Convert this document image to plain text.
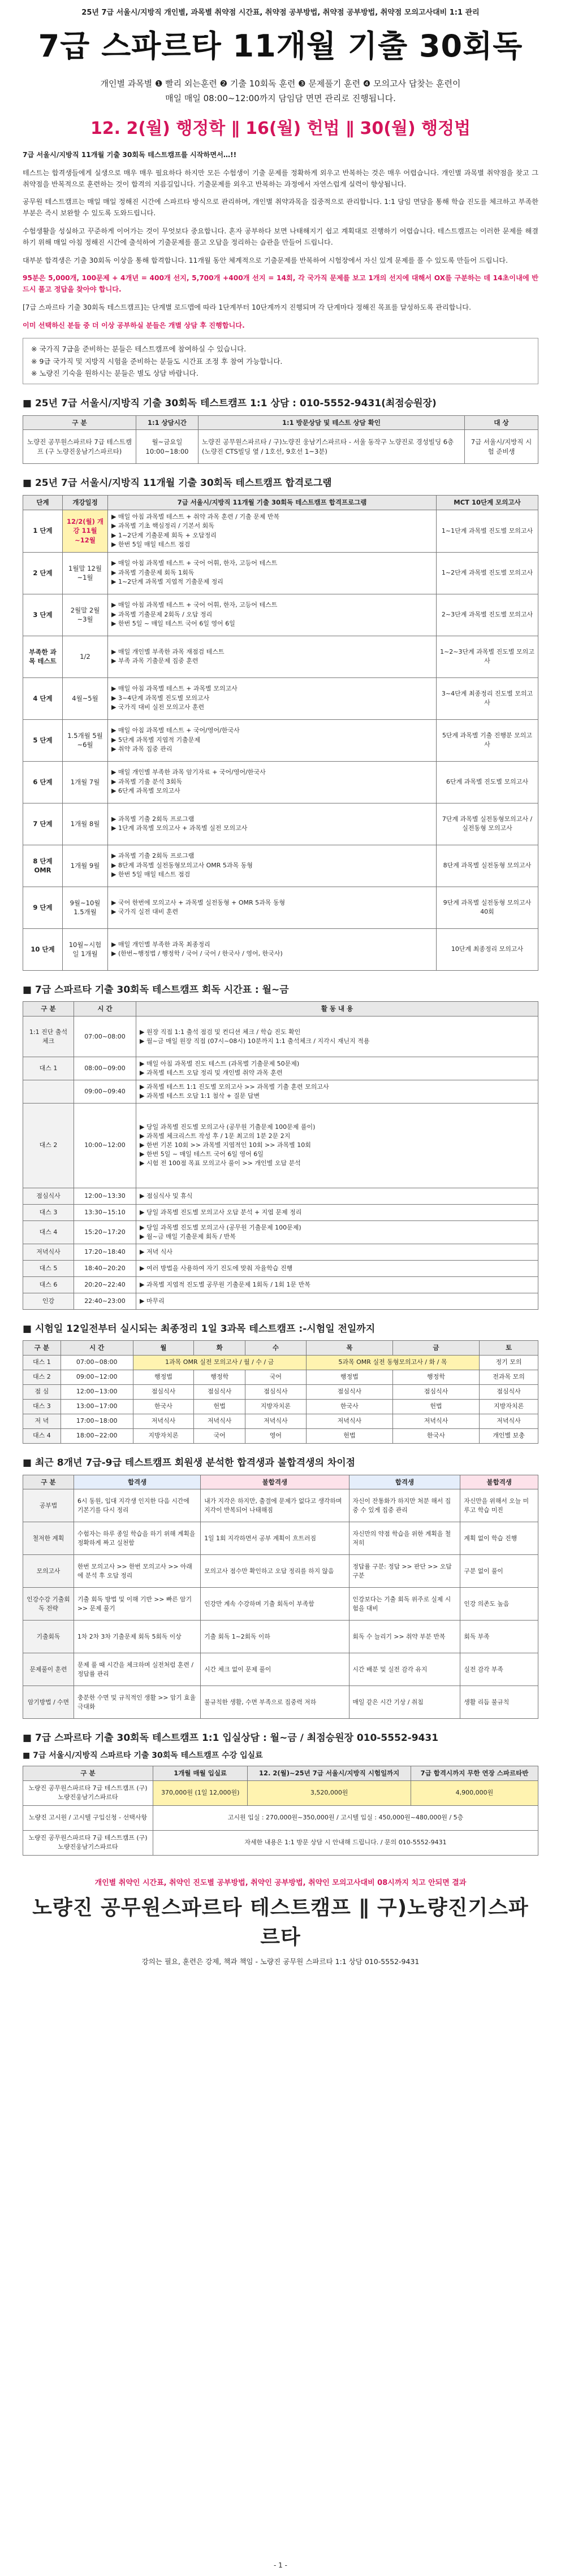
25년 7급 서울시/지방직 개인별, 과목별 취약점 시간표, 취약점 공부방법, 취약점 공부방법, 취약점 모의고사대비 1:1 관리
7급 스파르타 11개월 기출 30회독

개인별 과목별 ❶ 빨리 외는훈련 ❷ 기출 10회독 훈련 ❸ 문제풀기 훈련 ❹ 모의고사 답찾는 훈련이

매일 매일 08:00~12:00까지 담임담 면면 관리로 진행됩니다.

12. 2(월) 행정학 ∥ 16(월) 헌법 ∥ 30(월) 행정법

7급 서울시/지방직 11개월 기출 30회독 테스트캠프를 시작하면서…!!

테스트는 합격생들에게 실생으로 매우 매우 필요하다 하지만 모든 수험생이 기출 문제를 정확하게 외우고 반복하는 것은 매우 어렵습니다. 개인별 과목별 취약점을 찾고 그 취약점을 반복적으로 훈련하는 것이 합격의 지름길입니다. 기출문제를 외우고 반복하는 과정에서 자연스럽게 실력이 향상됩니다.

공무원 테스트캠프는 매일 매일 정해진 시간에 스파르타 방식으로 관리하며, 개인별 취약과목을 집중적으로 관리합니다. 1:1 담임 면담을 통해 학습 진도를 체크하고 부족한 부분은 즉시 보완할 수 있도록 도와드립니다.

수험생활을 성실하고 꾸준하게 이어가는 것이 무엇보다 중요합니다. 혼자 공부하다 보면 나태해지기 쉽고 계획대로 진행하기 어렵습니다. 테스트캠프는 이러한 문제를 해결하기 위해 매일 아침 정해진 시간에 출석하여 기출문제를 풀고 오답을 정리하는 습관을 만들어 드립니다.

대부분 합격생은 기출 30회독 이상을 통해 합격합니다. 11개월 동안 체계적으로 기출문제를 반복하여 시험장에서 자신 있게 문제를 풀 수 있도록 만들어 드립니다.

95분은 5,000개, 100문제 + 4개년 = 400개 선지, 5,700개 +400개 선지 = 14회, 각 국가직 문제를 보고 1개의 선지에 대해서 OX를 구분하는 데 14초이내에 반드시 풀고 정답을 찾아야 합니다.

[7급 스파르타 기출 30회독 테스트캠프]는 단계별 로드맵에 따라 1단계부터 10단계까지 진행되며 각 단계마다 정해진 목표를 달성하도록 관리합니다.

이미 선택하신 분들 중 더 이상 공부하실 분들은 개별 상담 후 진행합니다.

※ 국가직 7급을 준비하는 분들은 테스트캠프에 참여하실 수 있습니다.
※ 9급 국가직 및 지방직 시험을 준비하는 분들도 시간표 조정 후 참여 가능합니다.
※ 노량진 기숙을 원하시는 분들은 별도 상담 바랍니다.
■ 25년 7급 서울시/지방직 기출 30회독 테스트캠프 1:1 상담 : 010-5552-9431(최점승원장)
구 분	1:1 상담시간	1:1 방문상담 및 테스트 상담 확인	대 상
노량진 공무원스파르타 7급 테스트캠프 (구 노량진웅남기스파르타)	월~금요일 10:00~18:00	노량진 공무원스파르타 / 구)노량진 웅남기스파르타 - 서울 동작구 노량진로 경성빌딩 6층(노량진 CTS빌딩 옆 / 1호선, 9호선 1~3분)	7급 서울시/지방직 시험 준비생
■ 25년 7급 서울시/지방직 11개월 기출 30회독 테스트캠프 합격로그램
단계	개강일정	7급 서울시/지방직 11개월 기출 30회독 테스트캠프 합격프로그램	MCT 10단계 모의고사
1 단계	12/2(월) 개강 11월~12월	▶ 매일 아침 과목별 테스트 + 취약 과목 훈련 / 기출 문제 반복
▶ 과목별 기초 핵심정리 / 기본서 회독
▶ 1~2단계 기출문제 회독 + 오답정리
▶ 한번 5일 매일 테스트 점검	1~1단계 과목별 진도별 모의고사
2 단계	1월말 12월~1월	▶ 매일 아침 과목별 테스트 + 국어 어휘, 한자, 고등어 테스트
▶ 과목별 기출문제 회독 1회독
▶ 1~2단계 과목별 지엽적 기출문제 정리	1~2단계 과목별 진도별 모의고사
3 단계	2월말 2월~3월	▶ 매일 아침 과목별 테스트 + 국어 어휘, 한자, 고등어 테스트
▶ 과목별 기출문제 2회독 / 오답 정리
▶ 한번 5일 ~ 매일 테스트 국어 6일 영어 6일	2~3단계 과목별 진도별 모의고사
부족한 과목 테스트	1/2	▶ 매일 개인별 부족한 과목 재점검 테스트
▶ 부족 과목 기출문제 집중 훈련	1~2~3단계 과목별 진도별 모의고사
4 단계	4월~5월	▶ 매일 아침 과목별 테스트 + 과목별 모의고사
▶ 3~4단계 과목별 진도별 모의고사
▶ 국가직 대비 실전 모의고사 훈련	3~4단계 최종정리 진도별 모의고사
5 단계	1.5개월 5월~6월	▶ 매일 아침 과목별 테스트 + 국어/영어/한국사
▶ 5단계 과목별 지엽적 기출문제
▶ 취약 과목 집중 관리	5단계 과목별 기출 진행분 모의고사
6 단계	1개월 7월	▶ 매일 개인별 부족한 과목 암기자료 + 국어/영어/한국사
▶ 과목별 기출 분석 3회독
▶ 6단계 과목별 모의고사	6단계 과목별 진도별 모의고사
7 단계	1개월 8월	▶ 과목별 기출 2회독 프로그램
▶ 1단계 과목별 모의고사 + 과목별 실전 모의고사	7단계 과목별 실전동형모의고사 / 실전동형 모의고사
8 단계 OMR	1개월 9월	▶ 과목별 기출 2회독 프로그램
▶ 8단계 과목별 실전동형모의고사 OMR 5과목 동형
▶ 한번 5일 매일 테스트 점검	8단계 과목별 실전동형 모의고사
9 단계	9월~10월 1.5개월	▶ 국어 한번에 모의고사 + 과목별 실전동형 + OMR 5과목 동형
▶ 국가직 실전 대비 훈련	9단계 과목별 실전동형 모의고사 40회
10 단계	10월~시험일 1개월	▶ 매일 개인별 부족한 과목 최종정리
▶ (한번~행정법 / 행정학 / 국어 / 국어 / 한국사 / 영어, 한국사)	10단계 최종정리 모의고사
■ 7급 스파르타 기출 30회독 테스트캠프 회독 시간표 : 월~금
구 분	시 간	활 동 내 용
1:1 진단 출석체크	07:00~08:00	▶ 원장 직접 1:1 출석 점검 및 컨디션 체크 / 학습 진도 확인
▶ 월~금 매일 원장 직접 (07시~08시) 10분까지 1:1 출석체크 / 지각시 재닌지 적용
대스 1	08:00~09:00	▶ 매일 아침 과목별 진도 테스트 (과목별 기출문제 50문제)
▶ 과목별 테스트 오답 정리 및 개인별 취약 과목 훈련
	09:00~09:40	▶ 과목별 테스트 1:1 진도별 모의고사 >> 과목별 기출 훈련 모의고사
▶ 과목별 테스트 오답 1:1 첨삭 + 질문 답변
대스 2	10:00~12:00	▶ 당일 과목별 진도별 모의고사 (공무원 기출문제 100문제 풀이)
▶ 과목별 체크리스트 작성 후 / 1문 최고의 1분 2문 2지
▶ 한번 기본 10회 >> 과목별 지엽적인 10회 >> 과목별 10회
▶ 한번 5일 ~ 매일 테스트 국어 6일 영어 6일
▶ 시험 전 100점 목표 모의고사 풀이 >> 개인별 오답 분석
점심식사	12:00~13:30	▶ 점심식사 및 휴식
대스 3	13:30~15:10	▶ 당일 과목별 진도별 모의고사 오답 분석 + 지엽 문제 정리
대스 4	15:20~17:20	▶ 당일 과목별 진도별 모의고사 (공무원 기출문제 100문제)
▶ 월~금 매일 기출문제 회독 / 반복
저녁식사	17:20~18:40	▶ 저녁 식사
대스 5	18:40~20:20	▶ 여러 방법을 사용하여 자기 진도에 맞춰 자율학습 진행
대스 6	20:20~22:40	▶ 과목별 지엽적 진도별 공무원 기출문제 1회독 / 1회 1문 반복
인강	22:40~23:00	▶ 마무리
■ 시험일 12일전부터 실시되는 최종정리 1일 3과목 테스트캠프 :-시험일 전일까지
구 분	시 간	월	화	수	목	금	토
대스 1	07:00~08:00	1과목 OMR 실전 모의고사 / 월 / 수 / 금			5과목 OMR 실전 동형모의고사 / 화 / 목		정기 모의
대스 2	09:00~12:00	행정법	행정학	국어	행정법	행정학	전과목 모의
점 심	12:00~13:00	점심식사	점심식사	점심식사	점심식사	점심식사	점심식사
대스 3	13:00~17:00	한국사	헌법	지방자치론	한국사	헌법	지방자치론
저 녁	17:00~18:00	저녁식사	저녁식사	저녁식사	저녁식사	저녁식사	저녁식사
대스 4	18:00~22:00	지방자치론	국어	영어	헌법	한국사	개인별 보충
■ 최근 8개년 7급-9급 테스트캠프 회원생 분석한 합격생과 불합격생의 차이점
구 분	합격생	불합격생	합격생	불합격생
공부법	6시 동원, 입대 지각생 인지한 다음 시간에 기본기를 다시 정리	내가 지각은 하지만, 출결에 문제가 없다고 생각하며 지각이 반복되어 나태해짐	자신이 잔통화가 하지만 처분 해서 집중 수 있게 집중 관리	자신만을 위해서 오늘 미루고 학습 미진
철저한 계획	수험자는 하루 종일 학습을 하기 위해 계획을 정확하게 짜고 실천함	1일 1회 지각하면서 공부 계획이 흐트러짐	자신만의 약점 학습을 위한 계획을 철저히	계획 없이 학습 진행
모의고사	한번 모의고사 >> 한번 모의고사 >> 아래에 분석 후 오답 정리	모의고사 점수만 확인하고 오답 정리를 하지 않음	정답률 구분: 정답 >> 판단 >> 오답 구분	구분 없이 풀이
인강수강 기출회독 전략	기출 회독 방법 및 이해 기반 >> 빠른 암기 >> 문제 풀기	인강만 계속 수강하며 기출 회독이 부족함	인강보다는 기출 회독 위주로 실제 시험을 대비	인강 의존도 높음
기출회독	1차 2차 3차 기출문제 회독 5회독 이상	기출 회독 1~2회독 이하	회독 수 늘리기 >> 취약 부분 반복	회독 부족
문제풀이 훈련	문제 풀 때 시간을 체크하며 실전처럼 훈련 / 정답률 관리	시간 체크 없이 문제 풀이	시간 배분 및 실전 감각 유지	실전 감각 부족
암기방법 / 수면	충분한 수면 및 규칙적인 생활 >> 암기 효율 극대화	불규칙한 생활, 수면 부족으로 집중력 저하	매일 같은 시간 기상 / 취침	생활 리듬 불규칙
■ 7급 스파르타 기출 30회독 테스트캠프 1:1 입실상담 : 월~금 / 최점승원장 010-5552-9431
■ 7급 서울시/지방직 스파르타 기출 30회독 테스트캠프 수강 입실료
구 분	1개월 매월 입실료	12. 2(월)~25년 7급 서울시/지방직 시험일까지	7급 합격시까지 무한 연장 스파르타반
노량진 공무원스파르타 7급 테스트캠프 (구)노량진웅남기스파르타	370,000원 (1일 12,000원)	3,520,000원	4,900,000원
노량진 고시원 / 고시텔 구입신청 - 선택사항	고시원 입실 : 270,000원~350,000원 / 고시텔 입실 : 450,000원~480,000원 / 5층		
노량진 공무원스파르타 7급 테스트캠프 (구)노량진웅남기스파르타	자세한 내용은 1:1 방문 상담 시 안내해 드립니다. / 문의 010-5552-9431		
개인별 취약인 시간표, 취약인 진도별 공부방법, 취약인 공부방법, 취약인 모의고사대비 08시까지 치고 안되면 결과
노량진 공무원스파르타 테스트캠프 ∥ 구)노량진기스파르타
강의는 필요, 훈련은 강제, 책과 책임 - 노량진 공무원 스파르타 1:1 상담 010-5552-9431
- 1 -
